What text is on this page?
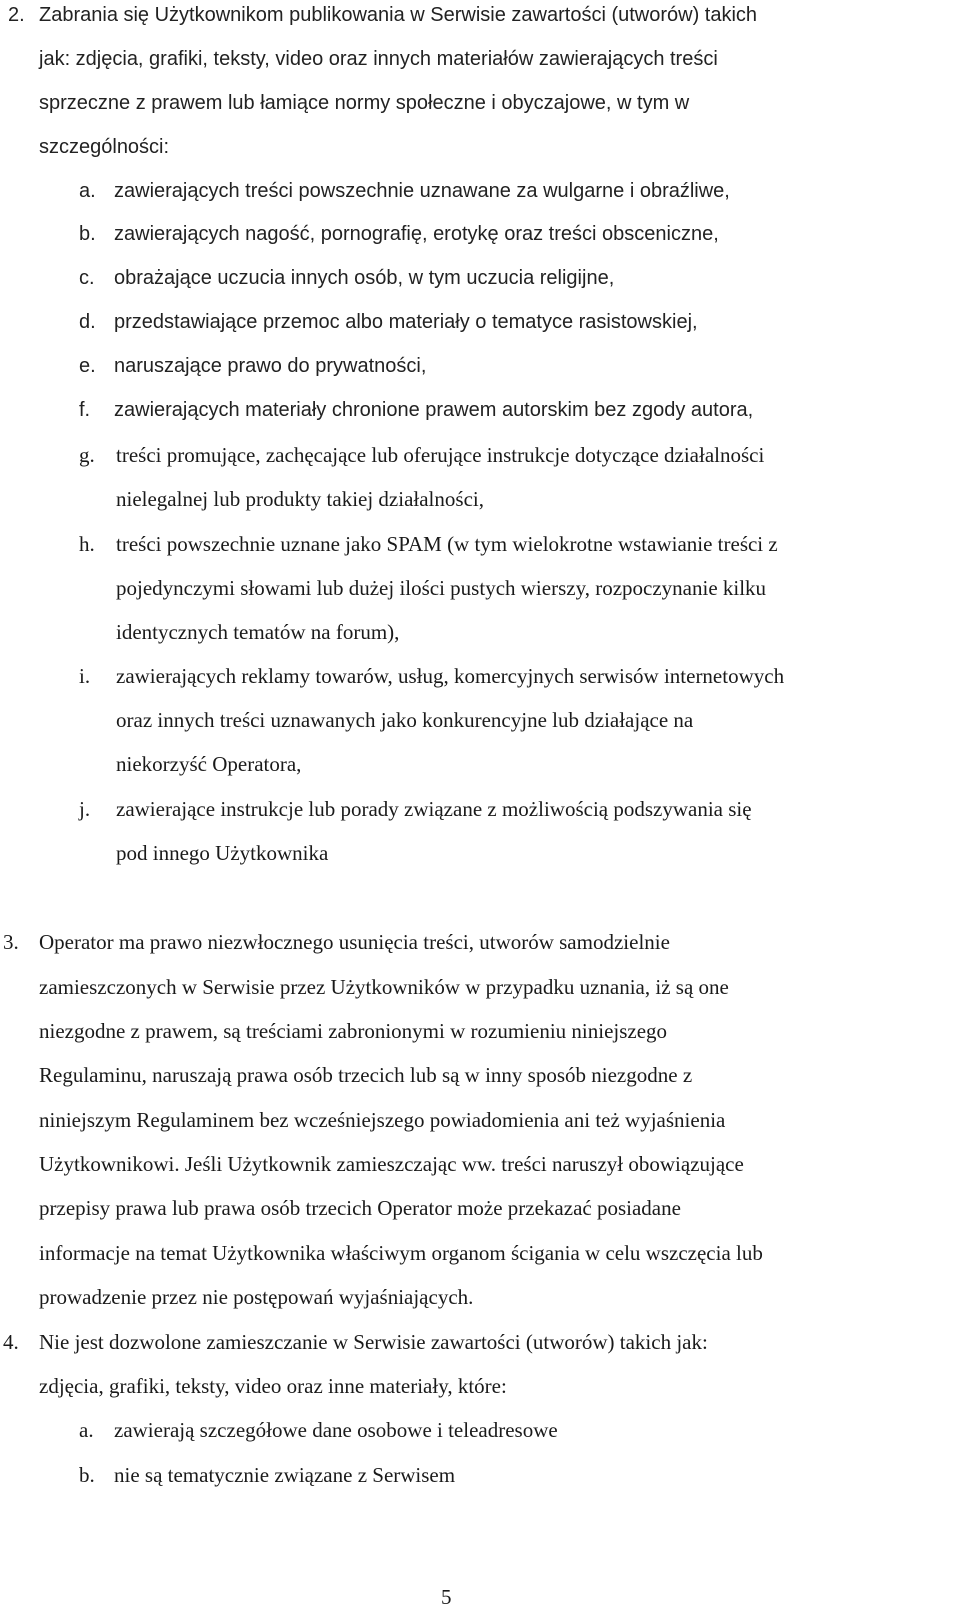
2. Zabrania się Użytkownikom publikowania w Serwisie zawartości (utworów) takich
jak: zdjęcia, grafiki, teksty, video oraz innych materiałów zawierających treści
sprzeczne z prawem lub łamiące normy społeczne i obyczajowe, w tym w
szczególności:
a. zawierających treści powszechnie uznawane za wulgarne i obraźliwe,
b. zawierających nagość, pornografię, erotykę oraz treści obsceniczne,
c. obrażające uczucia innych osób, w tym uczucia religijne,
d. przedstawiające przemoc albo materiały o tematyce rasistowskiej,
e. naruszające prawo do prywatności,
f. zawierających materiały chronione prawem autorskim bez zgody autora,
g. treści promujące, zachęcające lub oferujące instrukcje dotyczące działalności
nielegalnej lub produkty takiej działalności,
h. treści powszechnie uznane jako SPAM (w tym wielokrotne wstawianie treści z
pojedynczymi słowami lub dużej ilości pustych wierszy, rozpoczynanie kilku
identycznych tematów na forum),
i. zawierających reklamy towarów, usług, komercyjnych serwisów internetowych
oraz innych treści uznawanych jako konkurencyjne lub działające na
niekorzyść Operatora,
j. zawierające instrukcje lub porady związane z możliwością podszywania się
pod innego Użytkownika
3. Operator ma prawo niezwłocznego usunięcia treści, utworów samodzielnie
zamieszczonych w Serwisie przez Użytkowników w przypadku uznania, iż są one
niezgodne z prawem, są treściami zabronionymi w rozumieniu niniejszego
Regulaminu, naruszają prawa osób trzecich lub są w inny sposób niezgodne z
niniejszym Regulaminem bez wcześniejszego powiadomienia ani też wyjaśnienia
Użytkownikowi. Jeśli Użytkownik zamieszczając ww. treści naruszył obowiązujące
przepisy prawa lub prawa osób trzecich Operator może przekazać posiadane
informacje na temat Użytkownika właściwym organom ścigania w celu wszczęcia lub
prowadzenie przez nie postępowań wyjaśniających.
4. Nie jest dozwolone zamieszczanie w Serwisie zawartości (utworów) takich jak:
zdjęcia, grafiki, teksty, video oraz inne materiały, które:
a. zawierają szczegółowe dane osobowe i teleadresowe
b. nie są tematycznie związane z Serwisem
5
